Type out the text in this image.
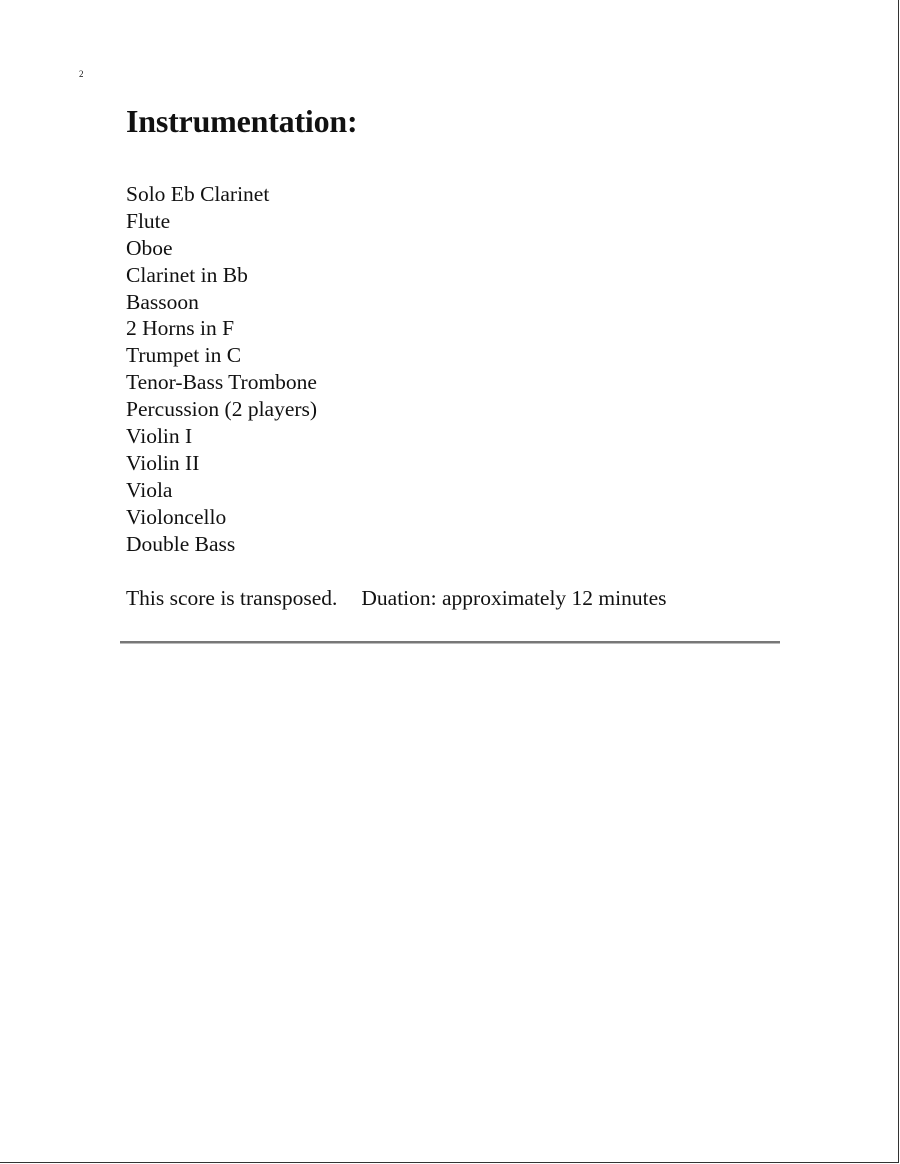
2
Instrumentation:
Solo Eb Clarinet
Flute
Oboe
Clarinet in Bb
Bassoon
2 Horns in F
Trumpet in C
Tenor-Bass Trombone
Percussion (2 players)
Violin I
Violin II
Viola
Violoncello
Double Bass
This score is transposed. Duation: approximately 12 minutes
